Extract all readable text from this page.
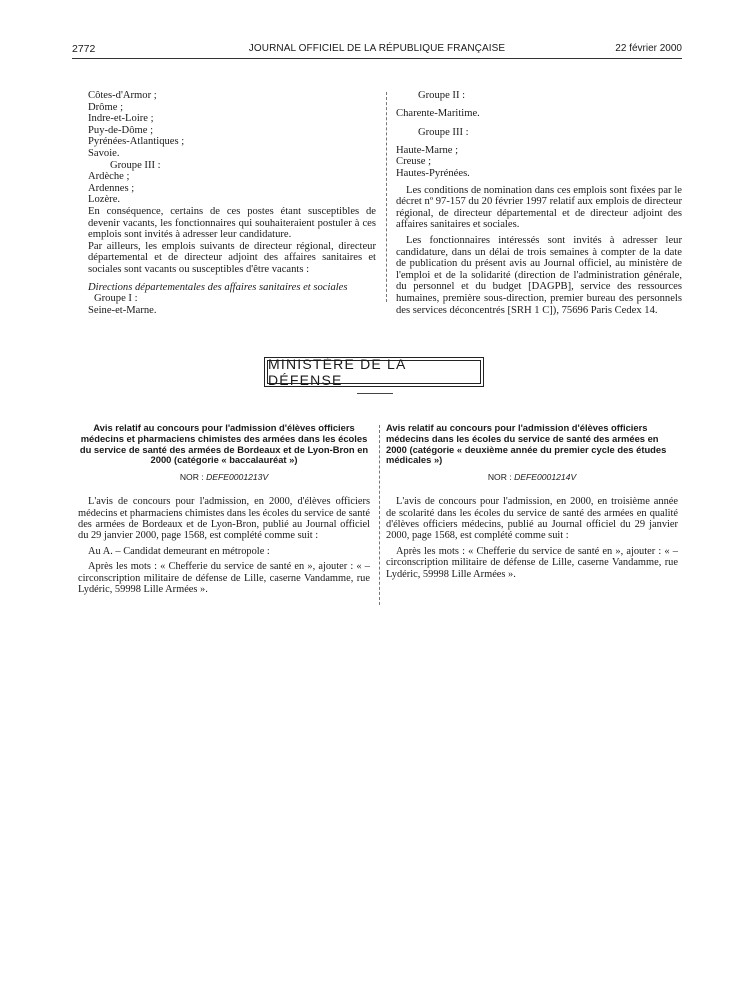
2772	JOURNAL OFFICIEL DE LA RÉPUBLIQUE FRANÇAISE	22 février 2000
Côtes-d'Armor ;
Drôme ;
Indre-et-Loire ;
Puy-de-Dôme ;
Pyrénées-Atlantiques ;
Savoie.
Groupe III :
Ardèche ;
Ardennes ;
Lozère.
En conséquence, certains de ces postes étant susceptibles de devenir vacants, les fonctionnaires qui souhaiteraient postuler à ces emplois sont invités à adresser leur candidature.
Par ailleurs, les emplois suivants de directeur régional, directeur départemental et de directeur adjoint des affaires sanitaires et sociales sont vacants ou susceptibles d'être vacants :
Directions départementales des affaires sanitaires et sociales
Groupe I :
Seine-et-Marne.
Groupe II :
Charente-Maritime.
Groupe III :
Haute-Marne ;
Creuse ;
Hautes-Pyrénées.
Les conditions de nomination dans ces emplois sont fixées par le décret nº 97-157 du 20 février 1997 relatif aux emplois de directeur régional, de directeur départemental et de directeur adjoint des affaires sanitaires et sociales.
Les fonctionnaires intéressés sont invités à adresser leur candidature, dans un délai de trois semaines à compter de la date de publication du présent avis au Journal officiel, au ministère de l'emploi et de la solidarité (direction de l'administration générale, du personnel et du budget [DAGPB], service des ressources humaines, première sous-direction, premier bureau des personnels des services déconcentrés [SRH 1 C]), 75696 Paris Cedex 14.
MINISTÈRE DE LA DÉFENSE
Avis relatif au concours pour l'admission d'élèves officiers médecins et pharmaciens chimistes des armées dans les écoles du service de santé des armées de Bordeaux et de Lyon-Bron en 2000 (catégorie « baccalauréat »)
NOR : DEFE0001213V

L'avis de concours pour l'admission, en 2000, d'élèves officiers médecins et pharmaciens chimistes dans les écoles du service de santé des armées de Bordeaux et de Lyon-Bron, publié au Journal officiel du 29 janvier 2000, page 1568, est complété comme suit :

Au A. – Candidat demeurant en métropole :

Après les mots : « Chefferie du service de santé en », ajouter : « – circonscription militaire de défense de Lille, caserne Vandamme, rue Lydéric, 59998 Lille Armées ».

Avis relatif au concours pour l'admission d'élèves officiers médecins dans les écoles du service de santé des armées en 2000 (catégorie « deuxième année du premier cycle des études médicales »)
NOR : DEFE0001214V

L'avis de concours pour l'admission, en 2000, en troisième année de scolarité dans les écoles du service de santé des armées en qualité d'élèves officiers médecins, publié au Journal officiel du 29 janvier 2000, page 1568, est complété comme suit :

Après les mots : « Chefferie du service de santé en », ajouter : « – circonscription militaire de défense de Lille, caserne Vandamme, rue Lydéric, 59998 Lille Armées ».
